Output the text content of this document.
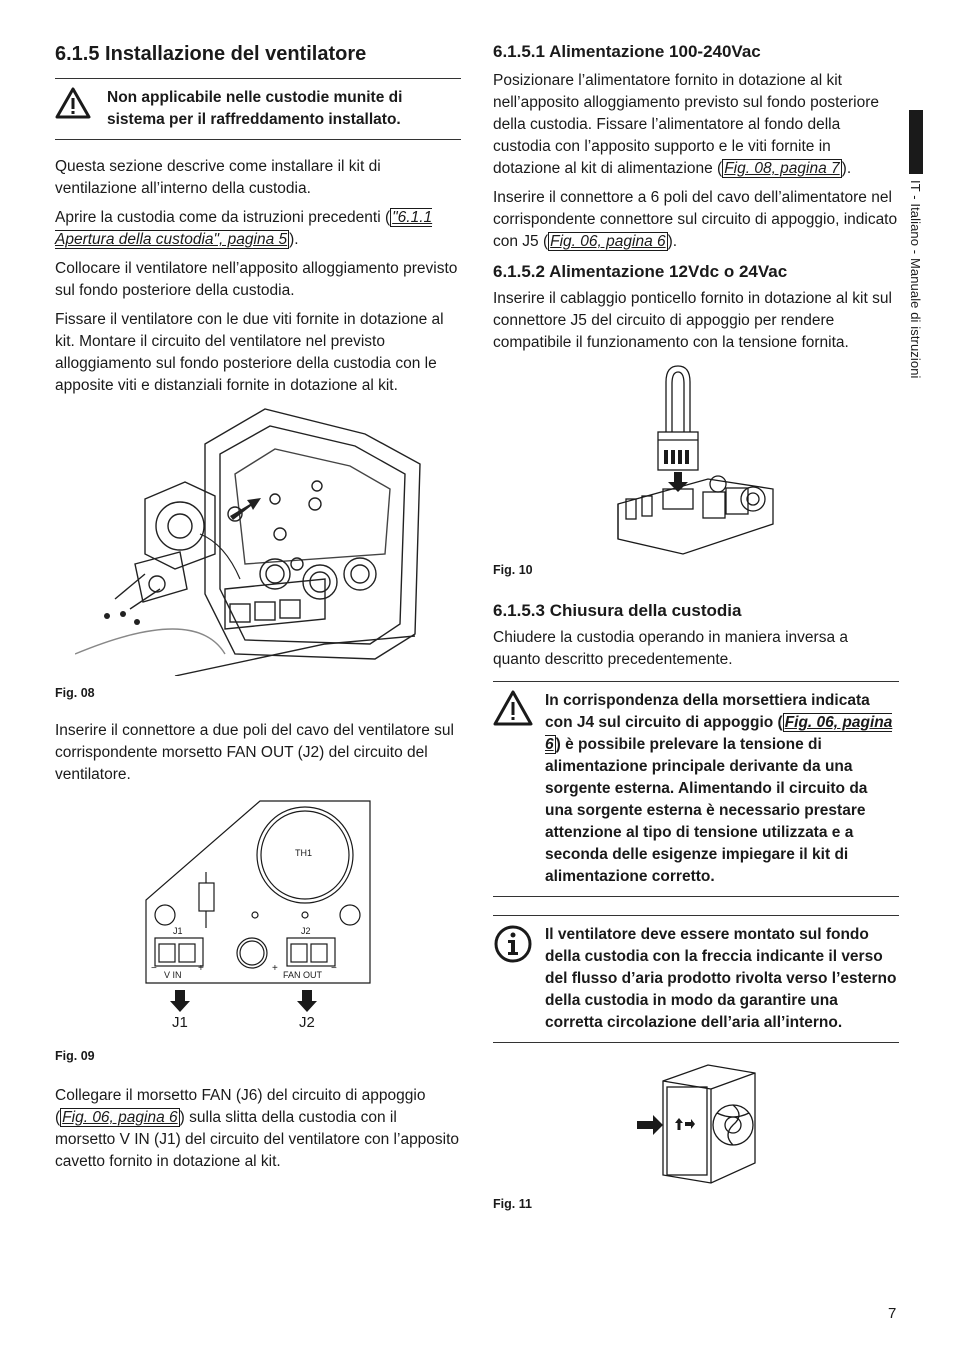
IT - Italiano - Manuale di istruzioni
6.1.5 Installazione del ventilatore

Non applicabile nelle custodie munite di sistema per il raffreddamento installato.

Questa sezione descrive come installare il kit di ventilazione all’interno della custodia.

Aprire la custodia come da istruzioni precedenti ( "6.1.1 Apertura della custodia", pagina 5 ).

Collocare il ventilatore nell’apposito alloggiamento previsto sul fondo posteriore della custodia.

Fissare il ventilatore con le due viti fornite in dotazione al kit. Montare il circuito del ventilatore nel previsto alloggiamento sul fondo posteriore della custodia con le apposite viti e distanziali fornite in dotazione al kit.

Fig. 08

Inserire il connettore a due poli del cavo del ventilatore sul corrispondente morsetto FAN OUT (J2) del circuito del ventilatore.

TH1
J1	J2
−
V IN
+	+
FAN OUT
−
J1	J2

Fig. 09

Collegare il morsetto FAN (J6) del circuito di appoggio ( Fig. 06, pagina 6 ) sulla slitta della custodia con il morsetto V IN (J1) del circuito del ventilatore con l’apposito cavetto fornito in dotazione al kit.

6.1.5.1 Alimentazione 100-240Vac

Posizionare l’alimentatore fornito in dotazione al kit nell’apposito alloggiamento previsto sul fondo posteriore della custodia. Fissare l’alimentatore al fondo della custodia con l’apposito supporto e le viti fornite in dotazione al kit di alimentazione ( Fig. 08, pagina 7 ).

Inserire il connettore a 6 poli del cavo dell’alimentatore nel corrispondente connettore sul circuito di appoggio, indicato con J5 ( Fig. 06, pagina 6 ).

6.1.5.2 Alimentazione 12Vdc o 24Vac

Inserire il cablaggio ponticello fornito in dotazione al kit sul connettore J5 del circuito di appoggio per rendere compatibile il funzionamento con la tensione fornita.

Fig. 10

6.1.5.3 Chiusura della custodia

Chiudere la custodia operando in maniera inversa a quanto descritto precedentemente.

In corrispondenza della morsettiera indicata con J4 sul circuito di appoggio ( Fig. 06, pagina 6 ) è possibile prelevare la tensione di alimentazione principale derivante da una sorgente esterna. Alimentando il circuito da una sorgente esterna è necessario prestare attenzione al tipo di tensione utilizzata e a seconda delle esigenze impiegare il kit di alimentazione corretto.

Il ventilatore deve essere montato sul fondo della custodia con la freccia indicante il verso del flusso d’aria prodotto rivolta verso l’esterno della custodia in modo da garantire una corretta circolazione dell’aria all’interno.

Fig. 11

7
